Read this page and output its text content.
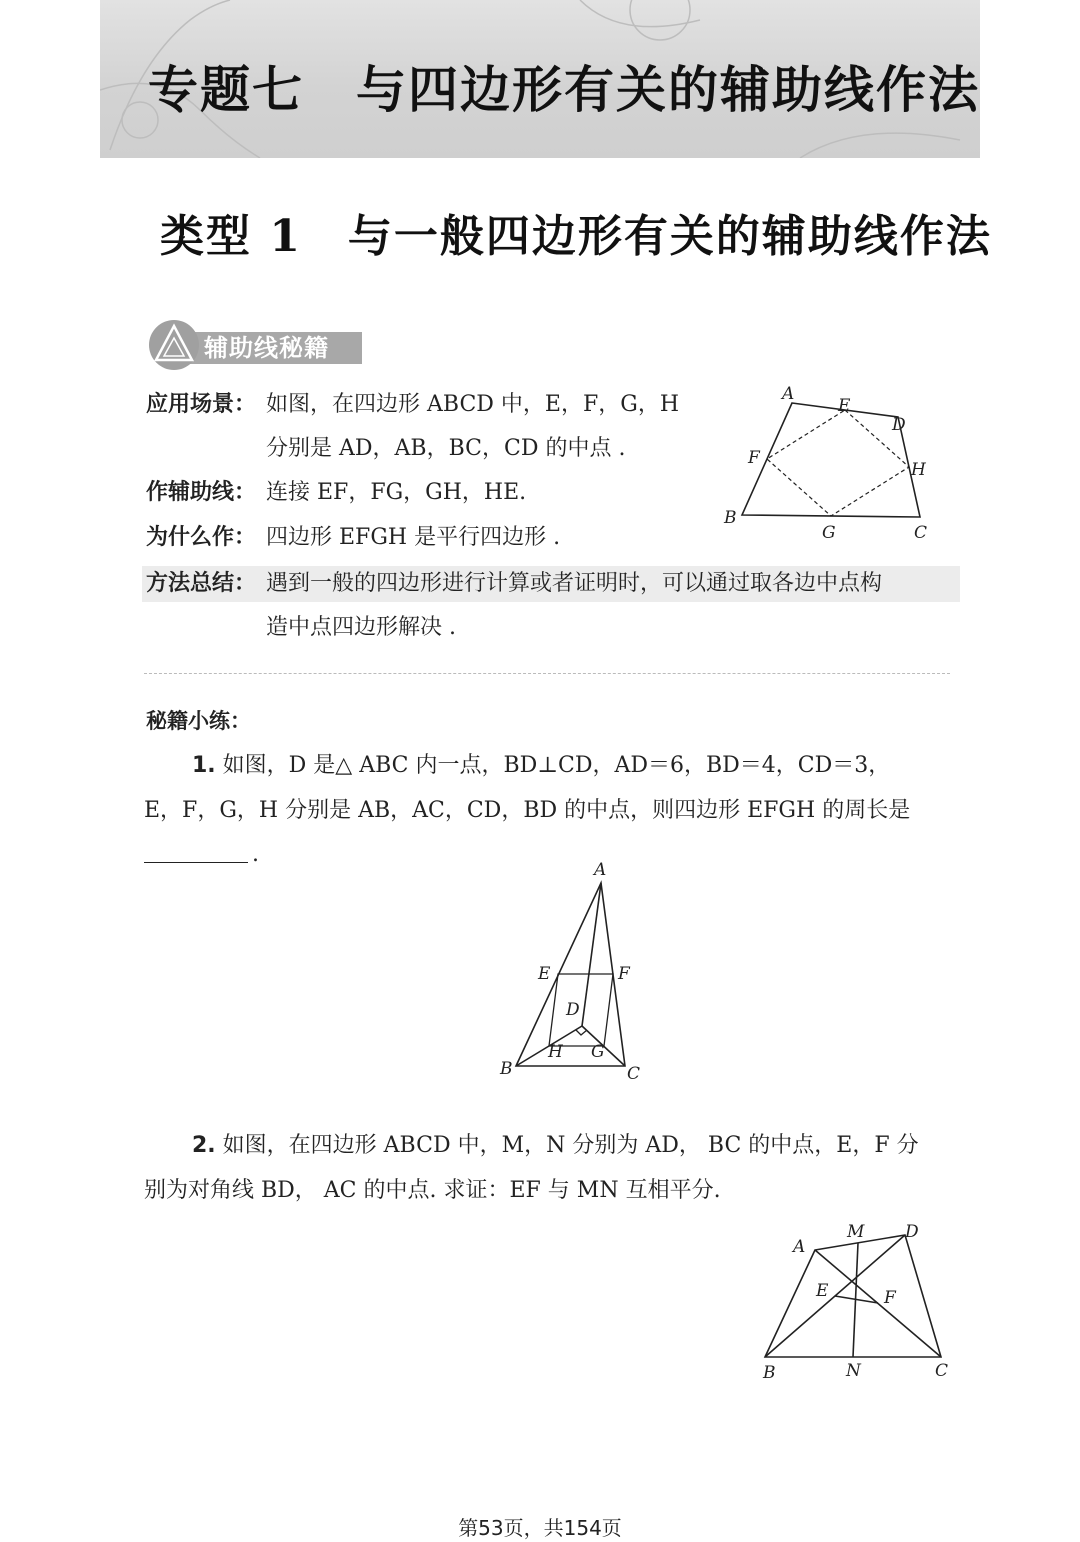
专题七　与四边形有关的辅助线作法
类型 1　与一般四边形有关的辅助线作法
辅助线秘籍
应用场景： 如图，在四边形 ABCD 中，E，F，G，H
分别是 AD，AB，BC，CD 的中点 .
作辅助线： 连接 EF，FG，GH，HE.
为什么作： 四边形 EFGH 是平行四边形 .
方法总结： 遇到一般的四边形进行计算或者证明时，可以通过取各边中点构
造中点四边形解决 .
A
E
D
F
H
B
G	C
秘籍小练：
1. 如图，D 是△ ABC 内一点，BD⊥CD，AD＝6，BD＝4，CD＝3，
E，F，G，H 分别是 AB，AC，CD，BD 的中点，则四边形 EFGH 的周长是
.
A
E	F
D
H G
B	C
2. 如图，在四边形 ABCD 中，M，N 分别为 AD， BC 的中点，E，F 分
别为对角线 BD， AC 的中点. 求证：EF 与 MN 互相平分.
A
M D
E	F
B	N	C
第53页，共154页
